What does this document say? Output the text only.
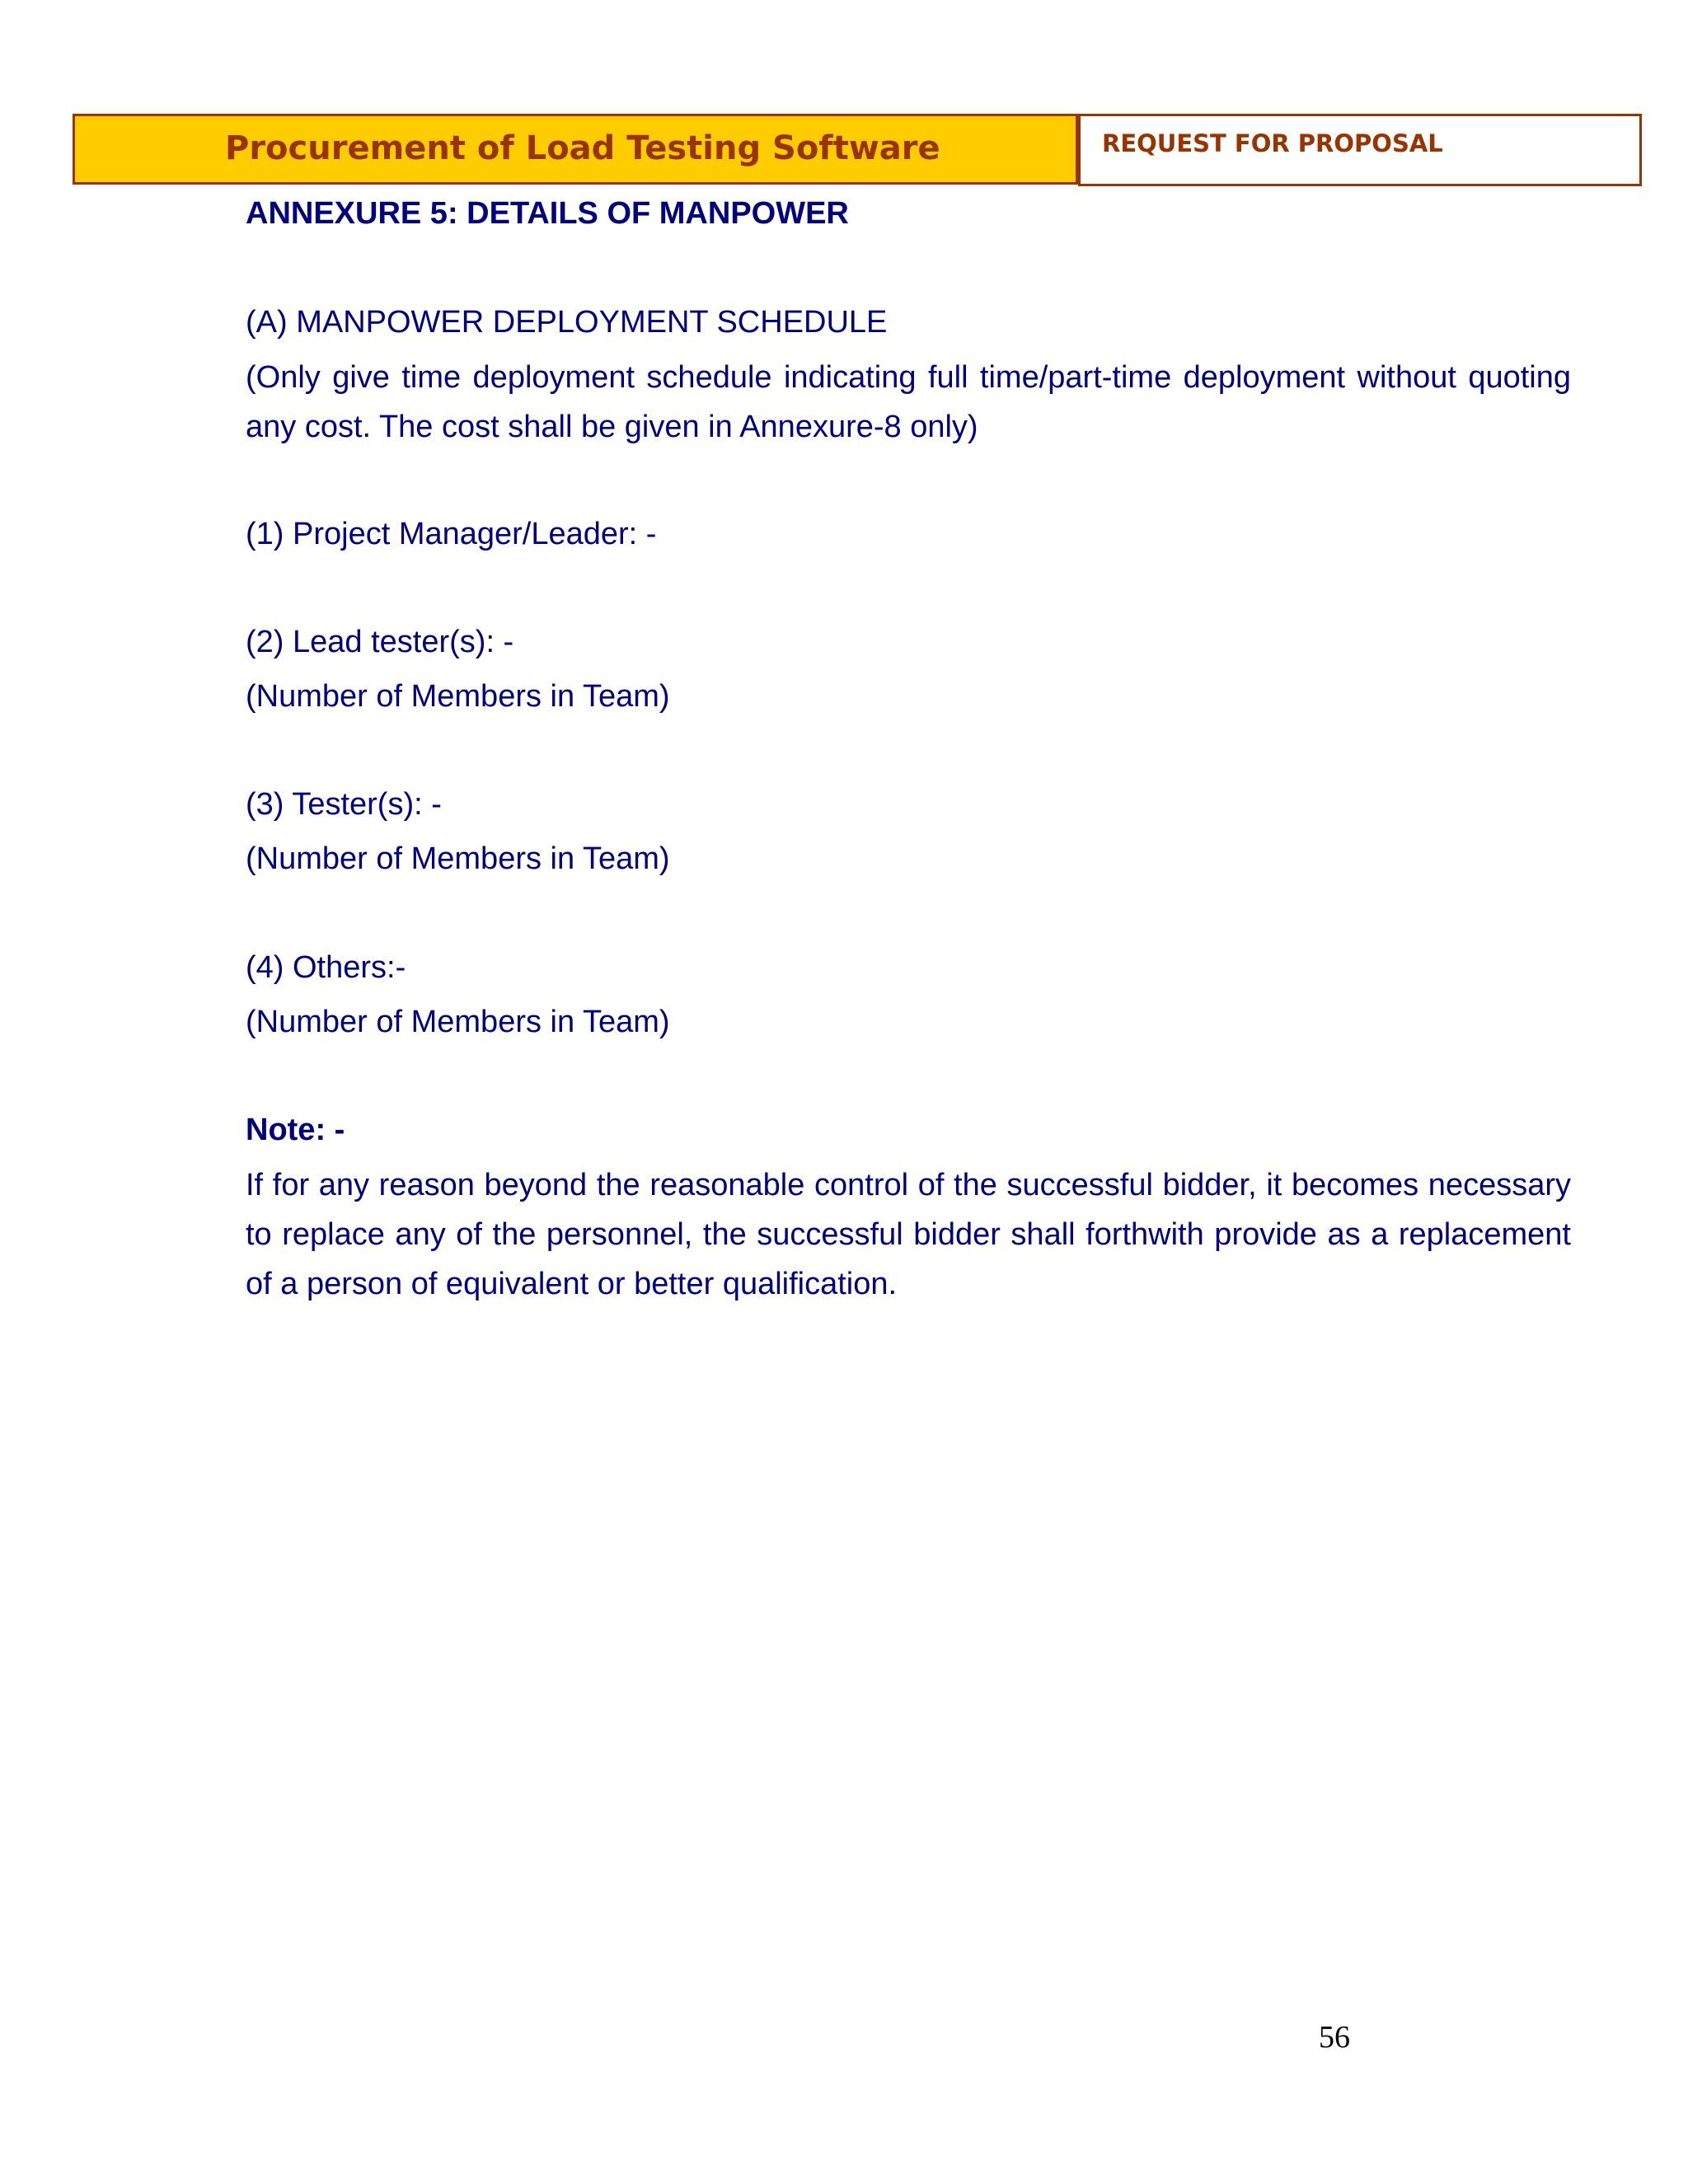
Procurement of Load Testing Software	REQUEST FOR PROPOSAL
ANNEXURE 5: DETAILS OF MANPOWER
(A) MANPOWER DEPLOYMENT SCHEDULE
(Only give time deployment schedule indicating full time/part-time deployment without quoting any cost. The cost shall be given in Annexure-8 only)
(1) Project Manager/Leader: -
(2) Lead tester(s): -
(Number of Members in Team)
(3) Tester(s): -
(Number of Members in Team)
(4) Others:-
(Number of Members in Team)
Note: -
If for any reason beyond the reasonable control of the successful bidder, it becomes necessary to replace any of the personnel, the successful bidder shall forthwith provide as a replacement of a person of equivalent or better qualification.
56
